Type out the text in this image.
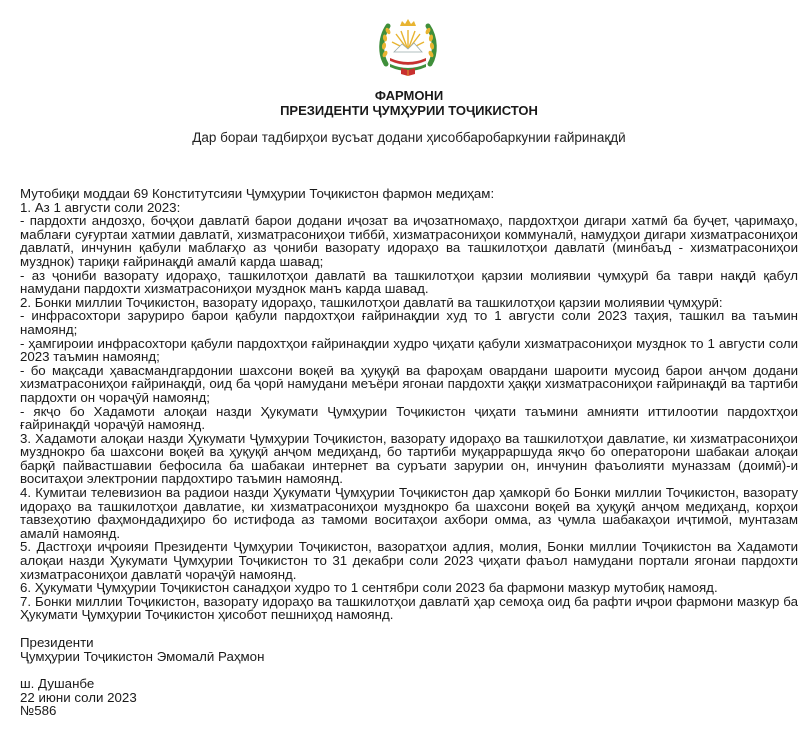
ФАРМОНИ
ПРЕЗИДЕНТИ ҶУМҲУРИИ ТОҶИКИСТОН
Дар бораи тадбирҳои вусъат додани ҳисоббаробаркунии ғайринақдӣ

Мутобиқи моддаи 69 Конститутсияи Ҷумҳурии Тоҷикистон фармон медиҳам:

1. Аз 1 августи соли 2023:

- пардохти андозҳо, боҷҳои давлатӣ барои додани иҷозат ва иҷозатномаҳо, пардохтҳои дигари хатмӣ ба буҷет, ҷаримаҳо, маблағи суғуртаи хатмии давлатӣ, хизматрасониҳои тиббӣ, хизматрасониҳои коммуналӣ, намудҳои дигари хизматрасониҳои давлатӣ, инчунин қабули маблағҳо аз ҷониби вазорату идораҳо ва ташкилотҳои давлатӣ (минбаъд - хизматрасониҳои музднок) тариқи ғайринақдӣ амалӣ карда шавад;

- аз ҷониби вазорату идораҳо, ташкилотҳои давлатӣ ва ташкилотҳои қарзии молиявии ҷумҳурӣ ба таври нақдӣ қабул намудани пардохти хизматрасониҳои музднок манъ карда шавад.

2. Бонки миллии Тоҷикистон, вазорату идораҳо, ташкилотҳои давлатӣ ва ташкилотҳои қарзии молиявии ҷумҳурӣ:

- инфрасохтори заруриро барои қабули пардохтҳои ғайринақдии худ то 1 августи соли 2023 таҳия, ташкил ва таъмин намоянд;

- ҳамгироии инфрасохтори қабули пардохтҳои ғайринақдии худро ҷиҳати қабули хизматрасониҳои музднок то 1 августи соли 2023 таъмин намоянд;

- бо мақсади ҳавасмандгардонии шахсони воқеӣ ва ҳуқуқӣ ва фароҳам овардани шароити мусоид барои анҷом додани хизматрасониҳои ғайринақдӣ, оид ба ҷорӣ намудани меъёри ягонаи пардохти ҳаққи хизматрасониҳои ғайринақдӣ ва тартиби пардохти он чораҷӯӣ намоянд;

- якҷо бо Хадамоти алоқаи назди Ҳукумати Ҷумҳурии Тоҷикистон ҷиҳати таъмини амнияти иттилоотии пардохтҳои ғайринақдӣ чораҷӯӣ намоянд.

3. Хадамоти алоқаи назди Ҳукумати Ҷумҳурии Тоҷикистон, вазорату идораҳо ва ташкилотҳои давлатие, ки хизматрасониҳои музднокро ба шахсони воқеӣ ва ҳуқуқӣ анҷом медиҳанд, бо тартиби муқарраршуда якҷо бо операторони шабакаи алоқаи барқӣ пайвастшавии бефосила ба шабакаи интернет ва суръати зарурии он, инчунин фаъолияти муназзам (доимӣ)-и воситаҳои электронии пардохтиро таъмин намоянд.

4. Кумитаи телевизион ва радиои назди Ҳукумати Ҷумҳурии Тоҷикистон дар ҳамкорӣ бо Бонки миллии Тоҷикистон, вазорату идораҳо ва ташкилотҳои давлатие, ки хизматрасониҳои музднокро ба шахсони воқеӣ ва ҳуқуқӣ анҷом медиҳанд, корҳои тавзеҳотию фаҳмондадиҳиро бо истифода аз тамоми воситаҳои ахбори омма, аз ҷумла шабакаҳои иҷтимоӣ, мунтазам амалӣ намоянд.

5. Дастгоҳи иҷроияи Президенти Ҷумҳурии Тоҷикистон, вазоратҳои адлия, молия, Бонки миллии Тоҷикистон ва Хадамоти алоқаи назди Ҳукумати Ҷумҳурии Тоҷикистон то 31 декабри соли 2023 ҷиҳати фаъол намудани портали ягонаи пардохти хизматрасониҳои давлатӣ чораҷӯӣ намоянд.

6. Ҳукумати Ҷумҳурии Тоҷикистон санадҳои худро то 1 сентябри соли 2023 ба фармони мазкур мутобиқ намояд.

7. Бонки миллии Тоҷикистон, вазорату идораҳо ва ташкилотҳои давлатӣ ҳар семоҳа оид ба рафти иҷрои фармони мазкур ба Ҳукумати Ҷумҳурии Тоҷикистон ҳисобот пешниҳод намоянд.

Президенти
Ҷумҳурии Тоҷикистон Эмомалӣ Раҳмон
ш. Душанбе
22 июни соли 2023
№586
